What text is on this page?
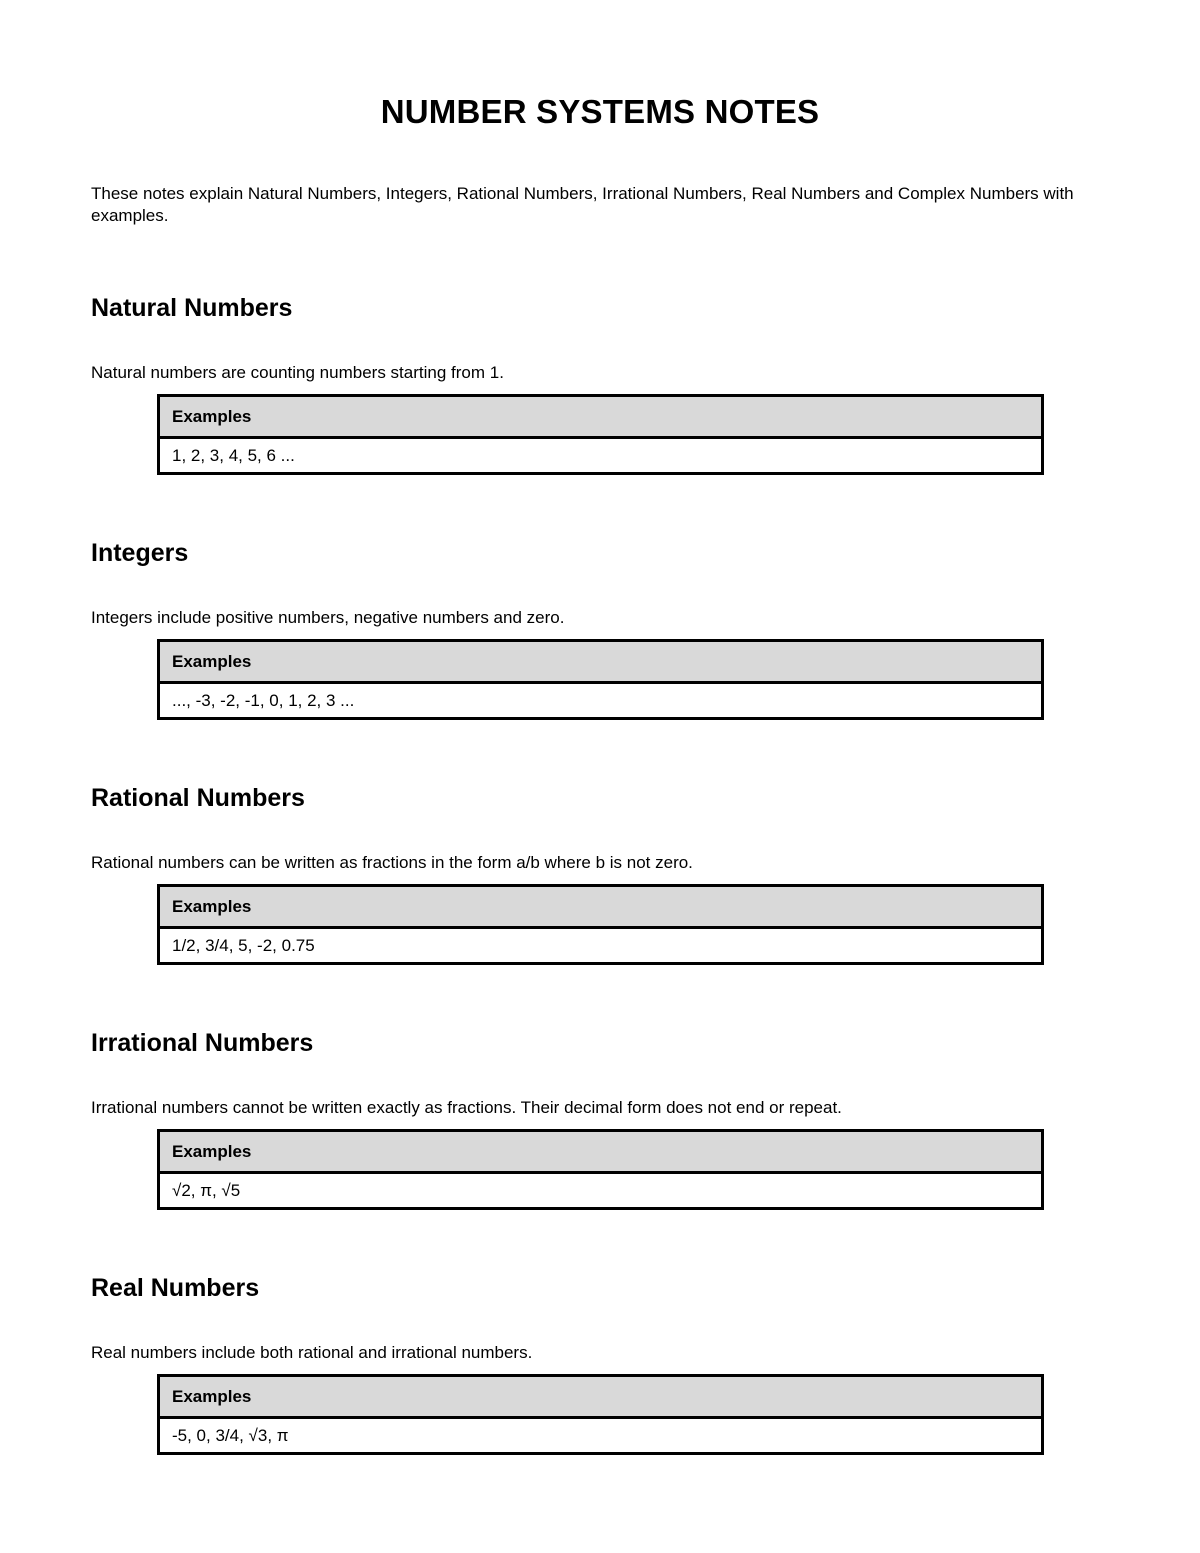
NUMBER SYSTEMS NOTES

These notes explain Natural Numbers, Integers, Rational Numbers, Irrational Numbers, Real Numbers and Complex Numbers with examples.

Natural Numbers

Natural numbers are counting numbers starting from 1.

Examples
1, 2, 3, 4, 5, 6 ...
Integers

Integers include positive numbers, negative numbers and zero.

Examples
..., -3, -2, -1, 0, 1, 2, 3 ...
Rational Numbers

Rational numbers can be written as fractions in the form a/b where b is not zero.

Examples
1/2, 3/4, 5, -2, 0.75
Irrational Numbers

Irrational numbers cannot be written exactly as fractions. Their decimal form does not end or repeat.

Examples
√2, π, √5
Real Numbers

Real numbers include both rational and irrational numbers.

Examples
-5, 0, 3/4, √3, π
